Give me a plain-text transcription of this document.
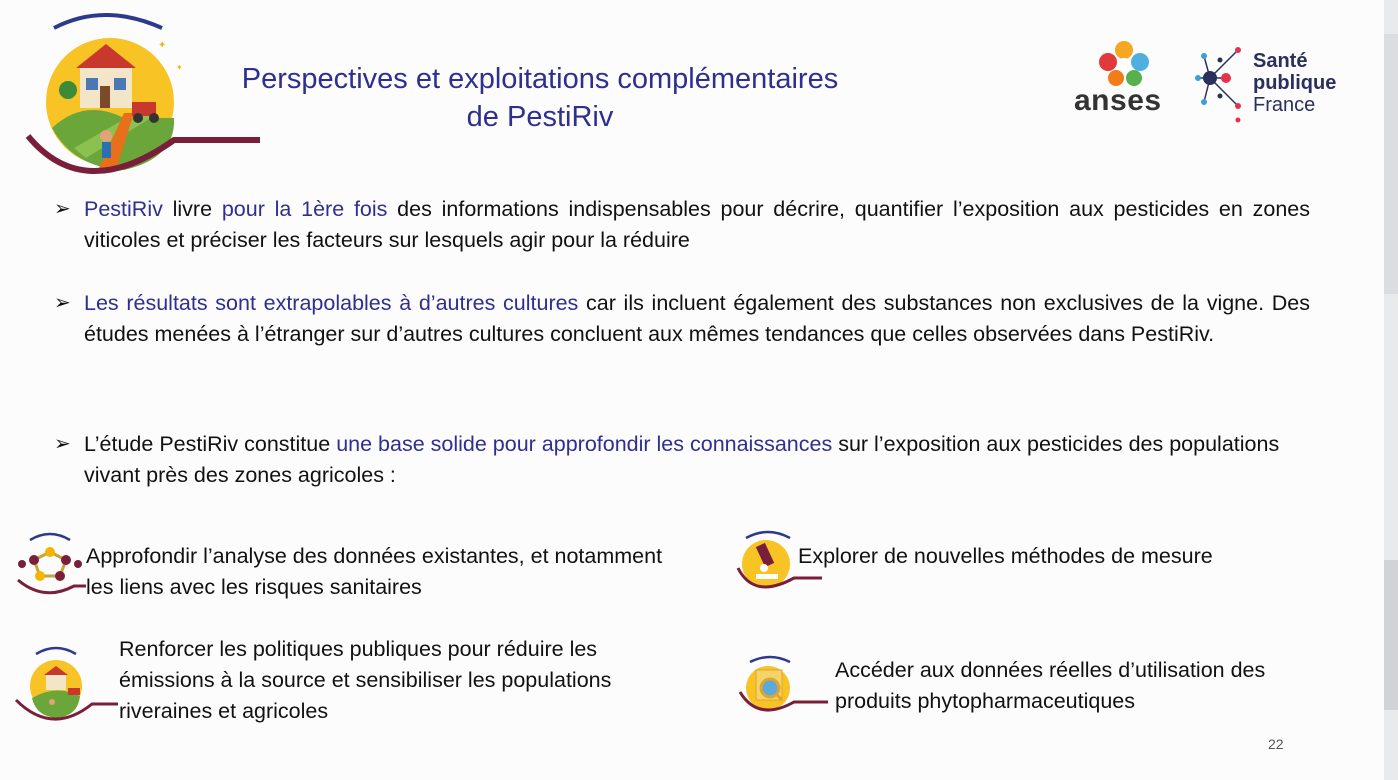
✦
✦	Perspectives et exploitations complémentaires
de PestiRiv	anses
Santé
publique
France
➢ PestiRiv livre pour la 1ère fois des informations indispensables pour décrire, quantifier l’exposition aux pesticides en zones viticoles et préciser les facteurs sur lesquels agir pour la réduire
➢ Les résultats sont extrapolables à d’autres cultures car ils incluent également des substances non exclusives de la vigne. Des études menées à l’étranger sur d’autres cultures concluent aux mêmes tendances que celles observées dans PestiRiv.
➢ L’étude PestiRiv constitue une base solide pour approfondir les connaissances sur l’exposition aux pesticides des populations vivant près des zones agricoles :
Approfondir l’analyse des données existantes, et notamment
les liens avec les risques sanitaires
Explorer de nouvelles méthodes de mesure
Renforcer les politiques publiques pour réduire les
émissions à la source et sensibiliser les populations
riveraines et agricoles
Accéder aux données réelles d’utilisation des
produits phytopharmaceutiques
22
